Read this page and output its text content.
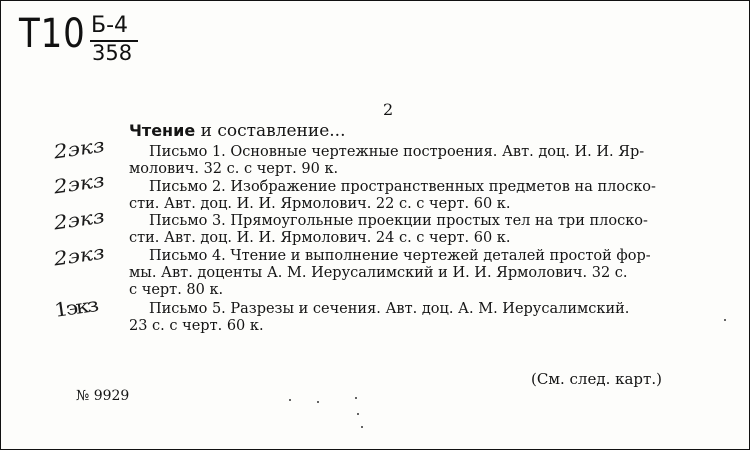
Т10 Б-4
358
2
Чтение и составление...
2экз
2экз
2экз
2экз
1экз
Письмо 1. Основные чертежные построения. Авт. доц. И. И. Яр-
молович. 32 с. с черт. 90 к.
Письмо 2. Изображение пространственных предметов на плоско-
сти. Авт. доц. И. И. Ярмолович. 22 с. с черт. 60 к.
Письмо 3. Прямоугольные проекции простых тел на три плоско-
сти. Авт. доц. И. И. Ярмолович. 24 с. с черт. 60 к.
Письмо 4. Чтение и выполнение чертежей деталей простой фор-
мы. Авт. доценты А. М. Иерусалимский и И. И. Ярмолович. 32 с.
с черт. 80 к.
Письмо 5. Разрезы и сечения. Авт. доц. А. М. Иерусалимский.
23 с. с черт. 60 к.
(См. след. карт.)
№ 9929
